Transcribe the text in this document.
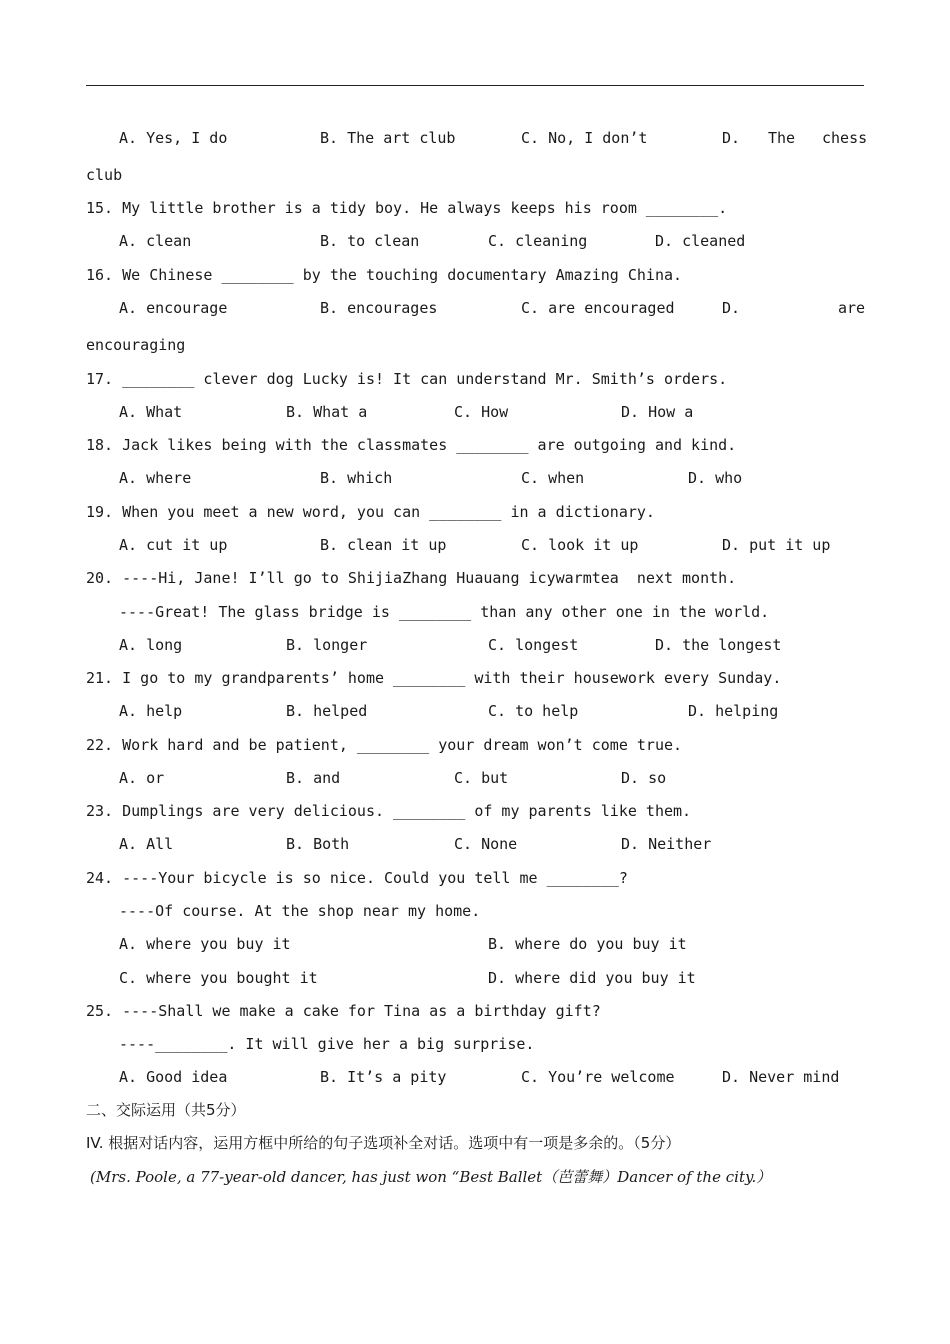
A. Yes, I do	B. The art club	C. No, I don’t	D. The chess
club
15. My little brother is a tidy boy. He always keeps his room ________.
A. clean	B. to clean	C. cleaning	D. cleaned
16. We Chinese ________ by the touching documentary Amazing China.
A. encourage	B. encourages	C. are encouraged	D.	are
encouraging
17. ________ clever dog Lucky is! It can understand Mr. Smith’s orders.
A. What	B. What a	C. How	D. How a
18. Jack likes being with the classmates ________ are outgoing and kind.
A. where	B. which	C. when	D. who
19. When you meet a new word, you can ________ in a dictionary.
A. cut it up	B. clean it up	C. look it up	D. put it up
20. ----Hi, Jane! I’ll go to ShijiaZhang Huauang icywarmtea  next month.
----Great! The glass bridge is ________ than any other one in the world.
A. long	B. longer	C. longest	D. the longest
21. I go to my grandparents’ home ________ with their housework every Sunday.
A. help	B. helped	C. to help	D. helping
22. Work hard and be patient, ________ your dream won’t come true.
A. or	B. and	C. but	D. so
23. Dumplings are very delicious. ________ of my parents like them.
A. All	B. Both	C. None	D. Neither
24. ----Your bicycle is so nice. Could you tell me ________?
----Of course. At the shop near my home.
A. where you buy it	B. where do you buy it
C. where you bought it	D. where did you buy it
25. ----Shall we make a cake for Tina as a birthday gift?
----________. It will give her a big surprise.
A. Good idea	B. It’s a pity	C. You’re welcome	D. Never mind
二、交际运用（共5分）
IV. 根据对话内容，运用方框中所给的句子选项补全对话。选项中有一项是多余的。（5分）
(Mrs. Poole, a 77-year-old dancer, has just won “Best Ballet（芭蕾舞）Dancer of the city.）
